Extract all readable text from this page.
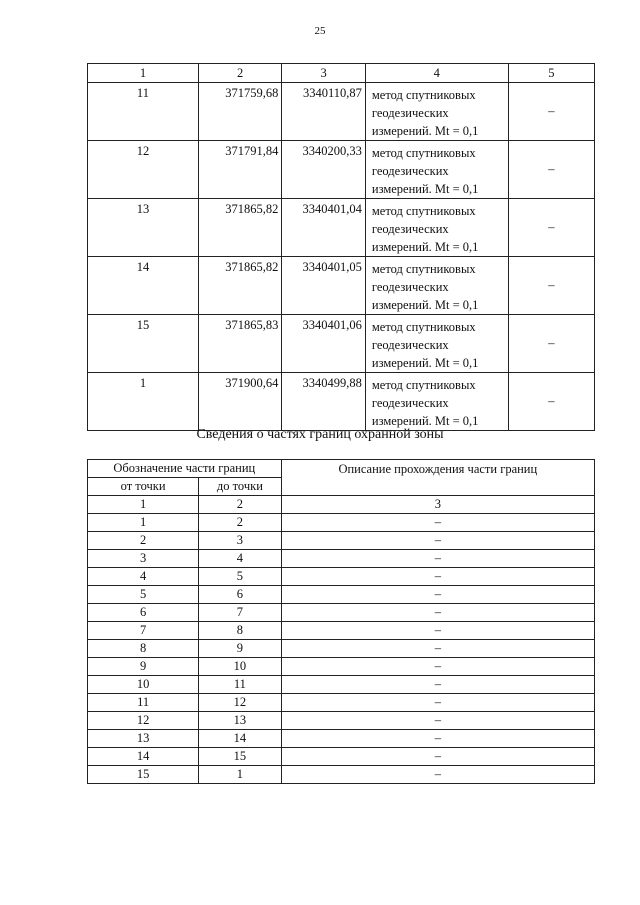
25
1	2	3	4	5
11	371759,68	3340110,87	метод спутниковых
геодезических
измерений. Mt = 0,1	–
12	371791,84	3340200,33	метод спутниковых
геодезических
измерений. Mt = 0,1	–
13	371865,82	3340401,04	метод спутниковых
геодезических
измерений. Mt = 0,1	–
14	371865,82	3340401,05	метод спутниковых
геодезических
измерений. Mt = 0,1	–
15	371865,83	3340401,06	метод спутниковых
геодезических
измерений. Mt = 0,1	–
1	371900,64	3340499,88	метод спутниковых
геодезических
измерений. Mt = 0,1	–
Сведения о частях границ охранной зоны
Обозначение части границ		Описание прохождения части границ
от точки	до точки	
1	2	3
1	2	–
2	3	–
3	4	–
4	5	–
5	6	–
6	7	–
7	8	–
8	9	–
9	10	–
10	11	–
11	12	–
12	13	–
13	14	–
14	15	–
15	1	–
